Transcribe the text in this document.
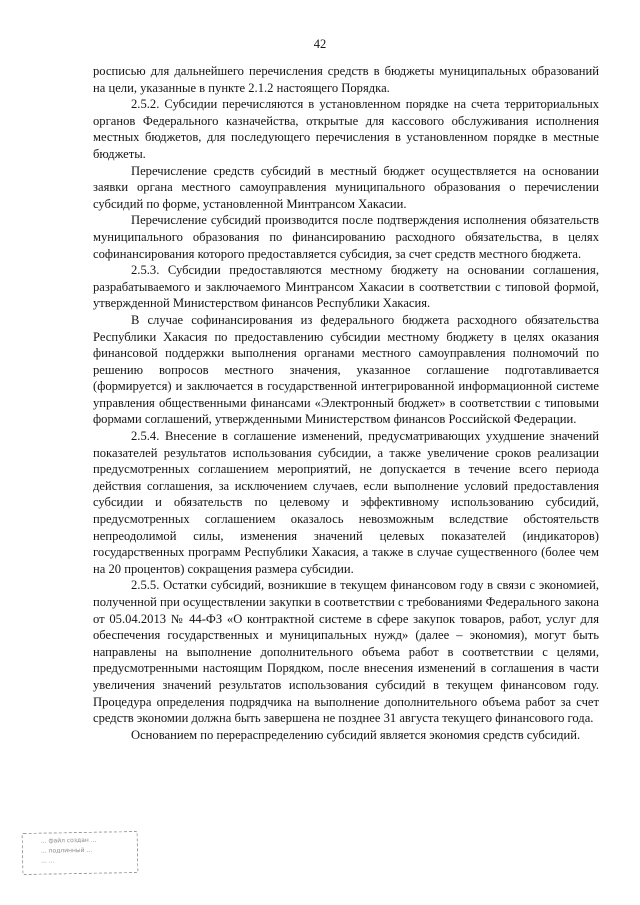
42

росписью для дальнейшего перечисления средств в бюджеты муниципальных образований на цели, указанные в пункте 2.1.2 настоящего Порядка.

2.5.2. Субсидии перечисляются в установленном порядке на счета территориальных органов Федерального казначейства, открытые для кассового обслуживания исполнения местных бюджетов, для последующего перечисления в установленном порядке в местные бюджеты.

Перечисление средств субсидий в местный бюджет осуществляется на основании заявки органа местного самоуправления муниципального образования о перечислении субсидий по форме, установленной Минтрансом Хакасии.

Перечисление субсидий производится после подтверждения исполнения обязательств муниципального образования по финансированию расходного обязательства, в целях софинансирования которого предоставляется субсидия, за счет средств местного бюджета.

2.5.3. Субсидии предоставляются местному бюджету на основании соглашения, разрабатываемого и заключаемого Минтрансом Хакасии в соответствии с типовой формой, утвержденной Министерством финансов Республики Хакасия.

В случае софинансирования из федерального бюджета расходного обязательства Республики Хакасия по предоставлению субсидии местному бюджету в целях оказания финансовой поддержки выполнения органами местного самоуправления полномочий по решению вопросов местного значения, указанное соглашение подготавливается (формируется) и заключается в государственной интегрированной информационной системе управления общественными финансами «Электронный бюджет» в соответствии с типовыми формами соглашений, утвержденными Министерством финансов Российской Федерации.

2.5.4. Внесение в соглашение изменений, предусматривающих ухудшение значений показателей результатов использования субсидии, а также увеличение сроков реализации предусмотренных соглашением мероприятий, не допускается в течение всего периода действия соглашения, за исключением случаев, если выполнение условий предоставления субсидии и обязательств по целевому и эффективному использованию субсидий, предусмотренных соглашением оказалось невозможным вследствие обстоятельств непреодолимой силы, изменения значений целевых показателей (индикаторов) государственных программ Республики Хакасия, а также в случае существенного (более чем на 20 процентов) сокращения размера субсидии.

2.5.5. Остатки субсидий, возникшие в текущем финансовом году в связи с экономией, полученной при осуществлении закупки в соответствии с требованиями Федерального закона от 05.04.2013 № 44-ФЗ «О контрактной системе в сфере закупок товаров, работ, услуг для обеспечения государственных и муниципальных нужд» (далее – экономия), могут быть направлены на выполнение дополнительного объема работ в соответствии с целями, предусмотренными настоящим Порядком, после внесения изменений в соглашения в части увеличения значений результатов использования субсидий в текущем финансовом году. Процедура определения подрядчика на выполнение дополнительного объема работ за счет средств экономии должна быть завершена не позднее 31 августа текущего финансового года.

Основанием по перераспределению субсидий является экономия средств субсидий.

... файл создан ...
... подлинный ...
... ...
